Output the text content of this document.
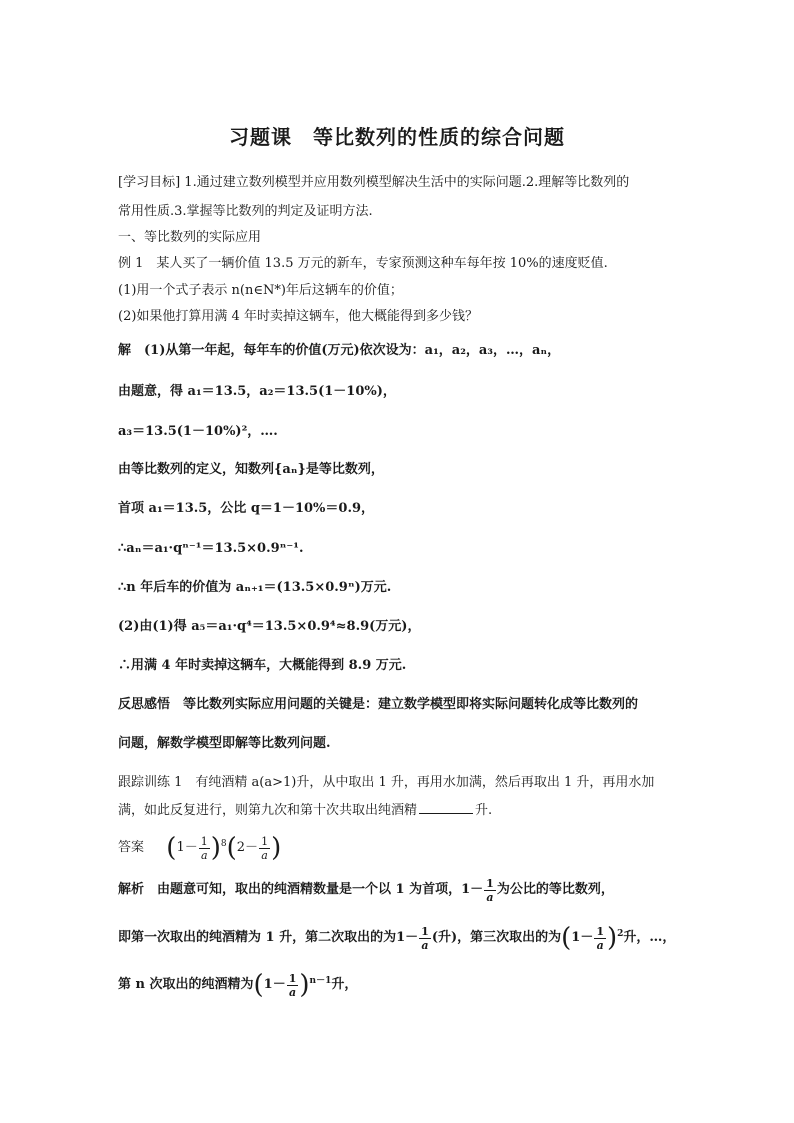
习题课　等比数列的性质的综合问题
[学习目标] 1.通过建立数列模型并应用数列模型解决生活中的实际问题.2.理解等比数列的
常用性质.3.掌握等比数列的判定及证明方法.
一、等比数列的实际应用
例 1　某人买了一辆价值 13.5 万元的新车，专家预测这种车每年按 10%的速度贬值.
(1)用一个式子表示 n(n∈N*)年后这辆车的价值；
(2)如果他打算用满 4 年时卖掉这辆车，他大概能得到多少钱？
解　(1)从第一年起，每年车的价值(万元)依次设为：a₁，a₂，a₃，…，aₙ，
由题意，得 a₁＝13.5，a₂＝13.5(1－10%)，
a₃＝13.5(1－10%)²，….
由等比数列的定义，知数列{aₙ}是等比数列，
首项 a₁＝13.5，公比 q＝1－10%＝0.9，
∴aₙ＝a₁·qⁿ⁻¹＝13.5×0.9ⁿ⁻¹.
∴n 年后车的价值为 aₙ₊₁＝(13.5×0.9ⁿ)万元.
(2)由(1)得 a₅＝a₁·q⁴＝13.5×0.9⁴≈8.9(万元)，
∴用满 4 年时卖掉这辆车，大概能得到 8.9 万元.
反思感悟　等比数列实际应用问题的关键是：建立数学模型即将实际问题转化成等比数列的
问题，解数学模型即解等比数列问题.
跟踪训练 1　有纯酒精 a(a>1)升，从中取出 1 升，再用水加满，然后再取出 1 升，再用水加
满，如此反复进行，则第九次和第十次共取出纯酒精	升.
答案 $(1- \frac{1}{a} )^8(2- \frac{1}{a}$ )
解析　由题意可知，取出的纯酒精数量是一个以 1 为首项，$1- \frac{1}{a}$ 为公比的等比数列，
即第一次取出的纯酒精为 1 升，第二次取出的为$1- \frac{1}{a}$ (升)，第三次取出的为$(1- \frac{1}{a} )^2$升，…，
第 n 次取出的纯酒精为$(1- \frac{1}{a} )^{n-1}$升，
